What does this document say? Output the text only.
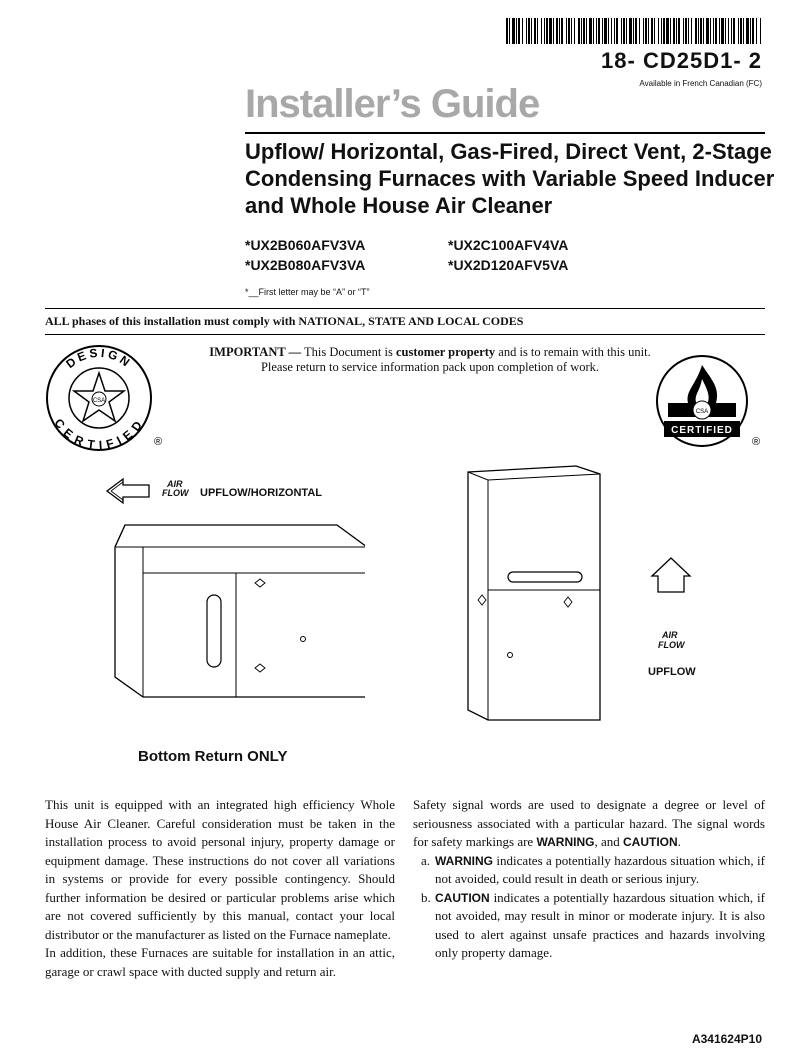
18- CD25D1- 2
Available in French Canadian (FC)
Installer’s Guide
Upflow/ Horizontal, Gas-Fired, Direct Vent, 2-Stage Condensing Furnaces with Variable Speed Inducer and Whole House Air Cleaner
*UX2B060AFV3VA
*UX2B080AFV3VA
*UX2C100AFV4VA
*UX2D120AFV5VA
*__First letter may be “A” or “T”
ALL phases of this installation must comply with NATIONAL, STATE AND LOCAL CODES
IMPORTANT — This Document is customer property and is to remain with this unit.
Please return to service information pack upon completion of work.
DESIGN
CERTIFIED
CSA
®
CSA
CERTIFIED
®
AIR
FLOW UPFLOW/HORIZONTAL
AIR
FLOW
UPFLOW
Bottom Return ONLY

This unit is equipped with an integrated high efficiency Whole House Air Cleaner. Careful consideration must be taken in the installation process to avoid personal injury, property damage or equipment damage. These instructions do not cover all variations in systems or provide for every possible contingency. Should further information be desired or particular problems arise which are not covered sufficiently by this manual, contact your local distributor or the manufacturer as listed on the Furnace nameplate.

In addition, these Furnaces are suitable for installation in an attic, garage or crawl space with ducted supply and return air.

Safety signal words are used to designate a degree or level of seriousness associated with a particular hazard. The signal words for safety markings are WARNING, and CAUTION.

a. WARNING indicates a potentially hazardous situation which, if not avoided, could result in death or serious injury.
b. CAUTION indicates a potentially hazardous situation which, if not avoided, may result in minor or moderate injury. It is also used to alert against unsafe practices and hazards involving only property damage.
A341624P10
